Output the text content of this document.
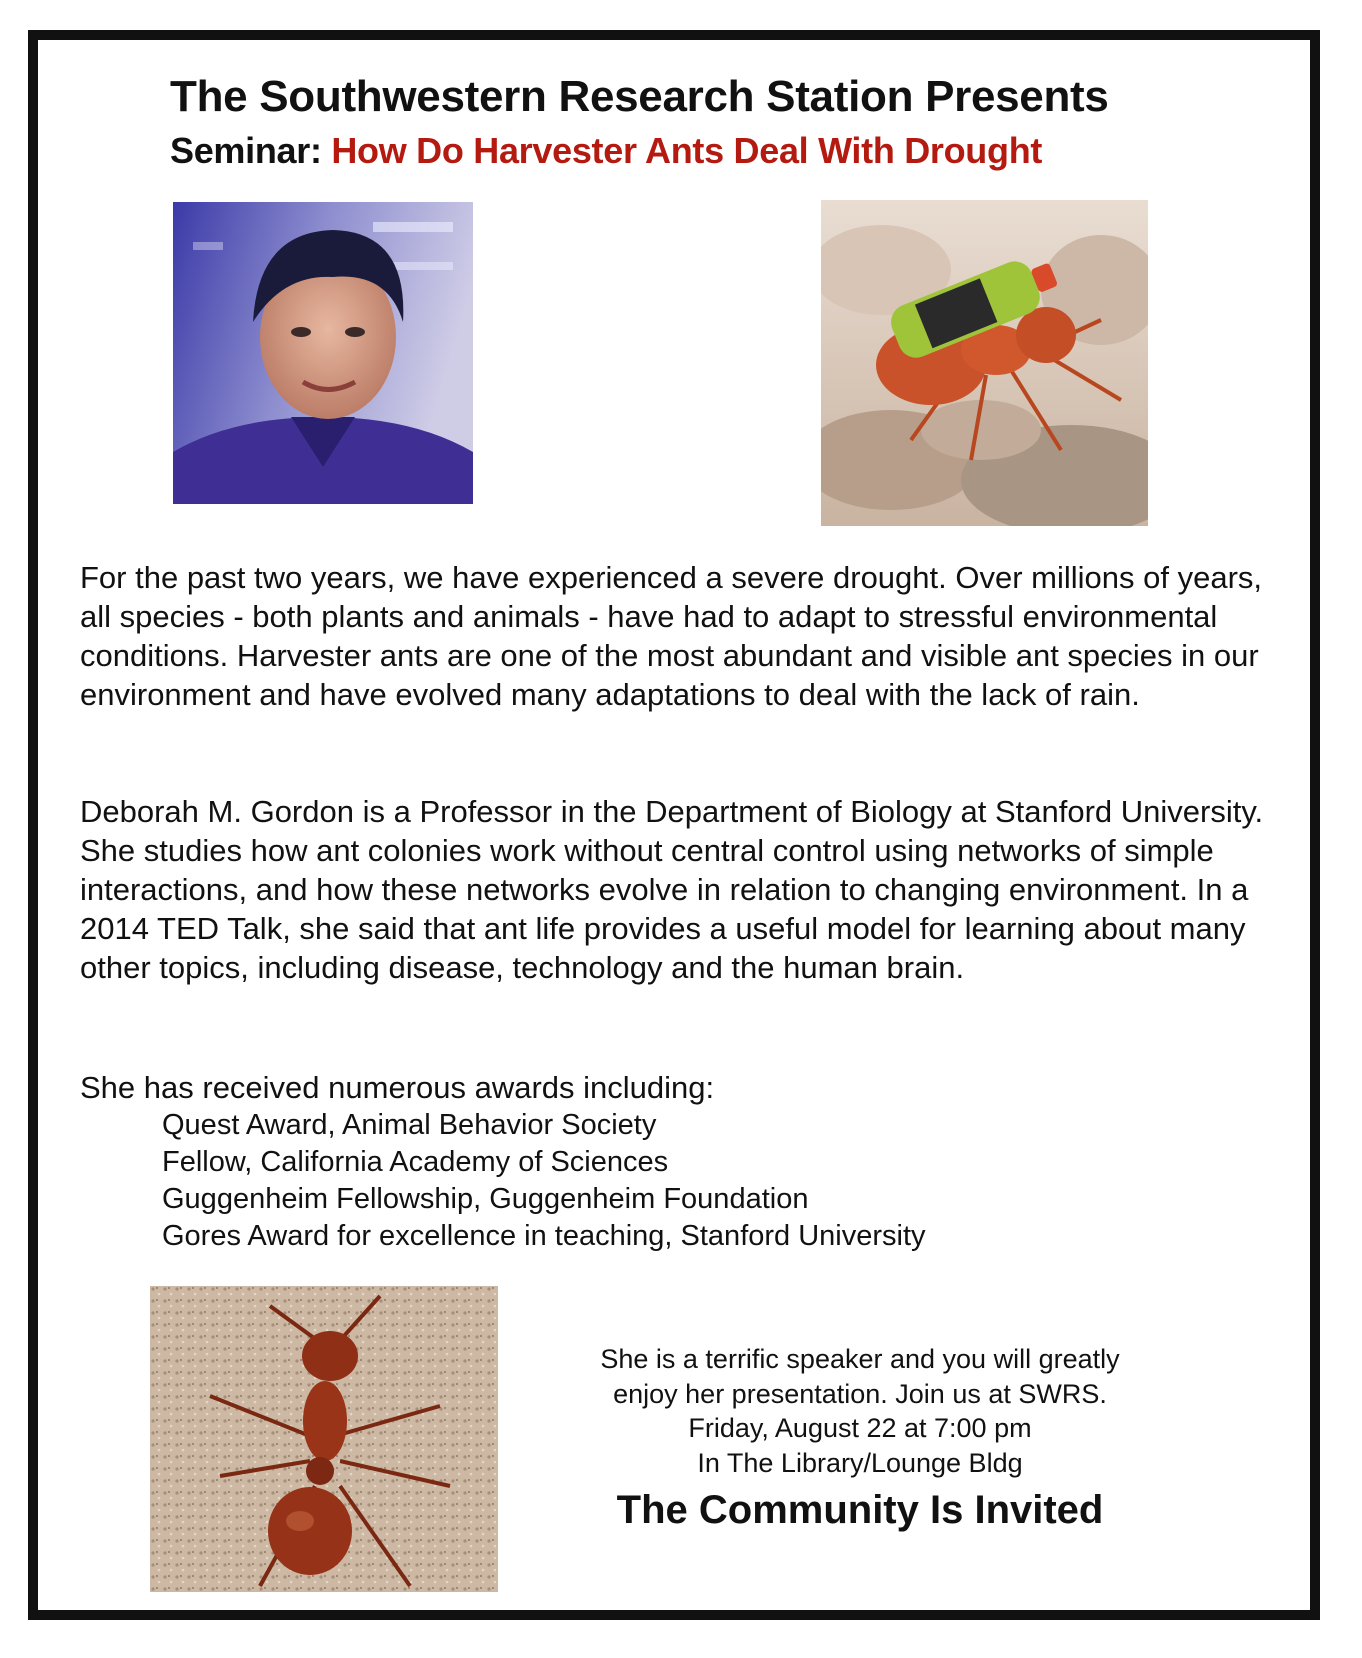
The Southwestern Research Station Presents
Seminar: How Do Harvester Ants Deal With Drought
For the past two years, we have experienced a severe drought. Over millions of years, all species - both plants and animals - have had to adapt to stressful environmental conditions. Harvester ants are one of the most abundant and visible ant species in our environment and have evolved many adaptations to deal with the lack of rain.
Deborah M. Gordon is a Professor in the Department of Biology at Stanford University. She studies how ant colonies work without central control using networks of simple interactions, and how these networks evolve in relation to changing environment. In a 2014 TED Talk, she said that ant life provides a useful model for learning about many other topics, including disease, technology and the human brain.
She has received numerous awards including:
Quest Award, Animal Behavior Society
Fellow, California Academy of Sciences
Guggenheim Fellowship, Guggenheim Foundation
Gores Award for excellence in teaching, Stanford University
She is a terrific speaker and you will greatly
enjoy her presentation. Join us at SWRS.
Friday, August 22 at 7:00 pm
In The Library/Lounge Bldg
The Community Is Invited
